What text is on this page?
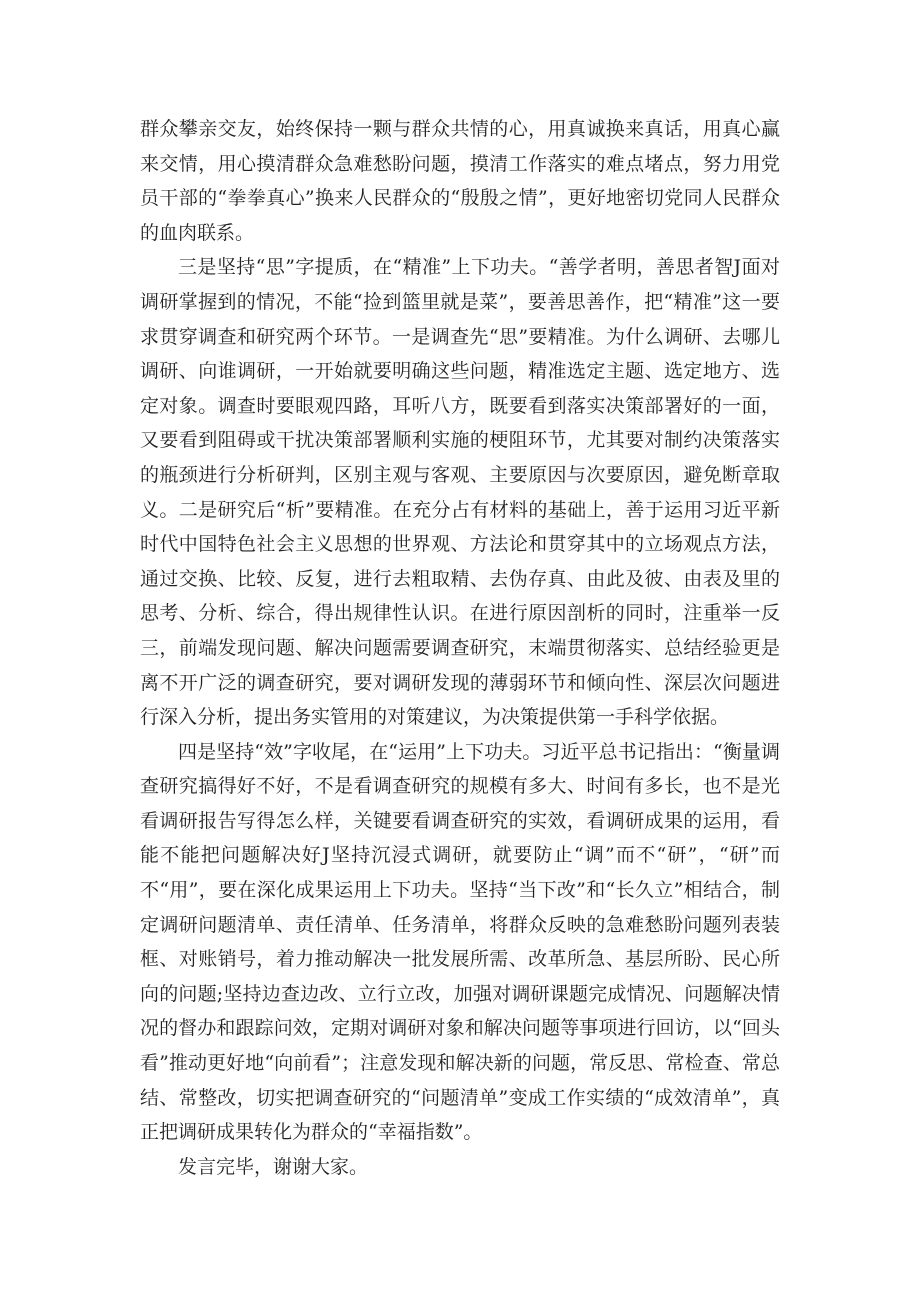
群众攀亲交友，始终保持一颗与群众共情的心，用真诚换来真话，用真心赢来交情，用心摸清群众急难愁盼问题，摸清工作落实的难点堵点，努力用党员干部的“拳拳真心”换来人民群众的“殷殷之情”，更好地密切党同人民群众的血肉联系。

三是坚持“思”字提质，在“精准”上下功夫。“善学者明，善思者智J面对调研掌握到的情况，不能“捡到篮里就是菜”，要善思善作，把“精准”这一要求贯穿调查和研究两个环节。一是调查先“思”要精准。为什么调研、去哪儿调研、向谁调研，一开始就要明确这些问题，精准选定主题、选定地方、选定对象。调查时要眼观四路，耳听八方，既要看到落实决策部署好的一面，又要看到阻碍或干扰决策部署顺利实施的梗阻环节，尤其要对制约决策落实的瓶颈进行分析研判，区别主观与客观、主要原因与次要原因，避免断章取义。二是研究后“析”要精准。在充分占有材料的基础上，善于运用习近平新时代中国特色社会主义思想的世界观、方法论和贯穿其中的立场观点方法，通过交换、比较、反复，进行去粗取精、去伪存真、由此及彼、由表及里的思考、分析、综合，得出规律性认识。在进行原因剖析的同时，注重举一反三，前端发现问题、解决问题需要调查研究，末端贯彻落实、总结经验更是离不开广泛的调查研究，要对调研发现的薄弱环节和倾向性、深层次问题进行深入分析，提出务实管用的对策建议，为决策提供第一手科学依据。

四是坚持“效”字收尾，在“运用”上下功夫。习近平总书记指出：“衡量调查研究搞得好不好，不是看调查研究的规模有多大、时间有多长，也不是光看调研报告写得怎么样，关键要看调查研究的实效，看调研成果的运用，看能不能把问题解决好J坚持沉浸式调研，就要防止“调”而不“研”，“研”而不“用”，要在深化成果运用上下功夫。坚持“当下改”和“长久立”相结合，制定调研问题清单、责任清单、任务清单，将群众反映的急难愁盼问题列表装框、对账销号，着力推动解决一批发展所需、改革所急、基层所盼、民心所向的问题;坚持边查边改、立行立改，加强对调研课题完成情况、问题解决情况的督办和跟踪问效，定期对调研对象和解决问题等事项进行回访，以“回头看”推动更好地“向前看”；注意发现和解决新的问题，常反思、常检查、常总结、常整改，切实把调查研究的“问题清单”变成工作实绩的“成效清单”，真正把调研成果转化为群众的“幸福指数”。

发言完毕，谢谢大家。
